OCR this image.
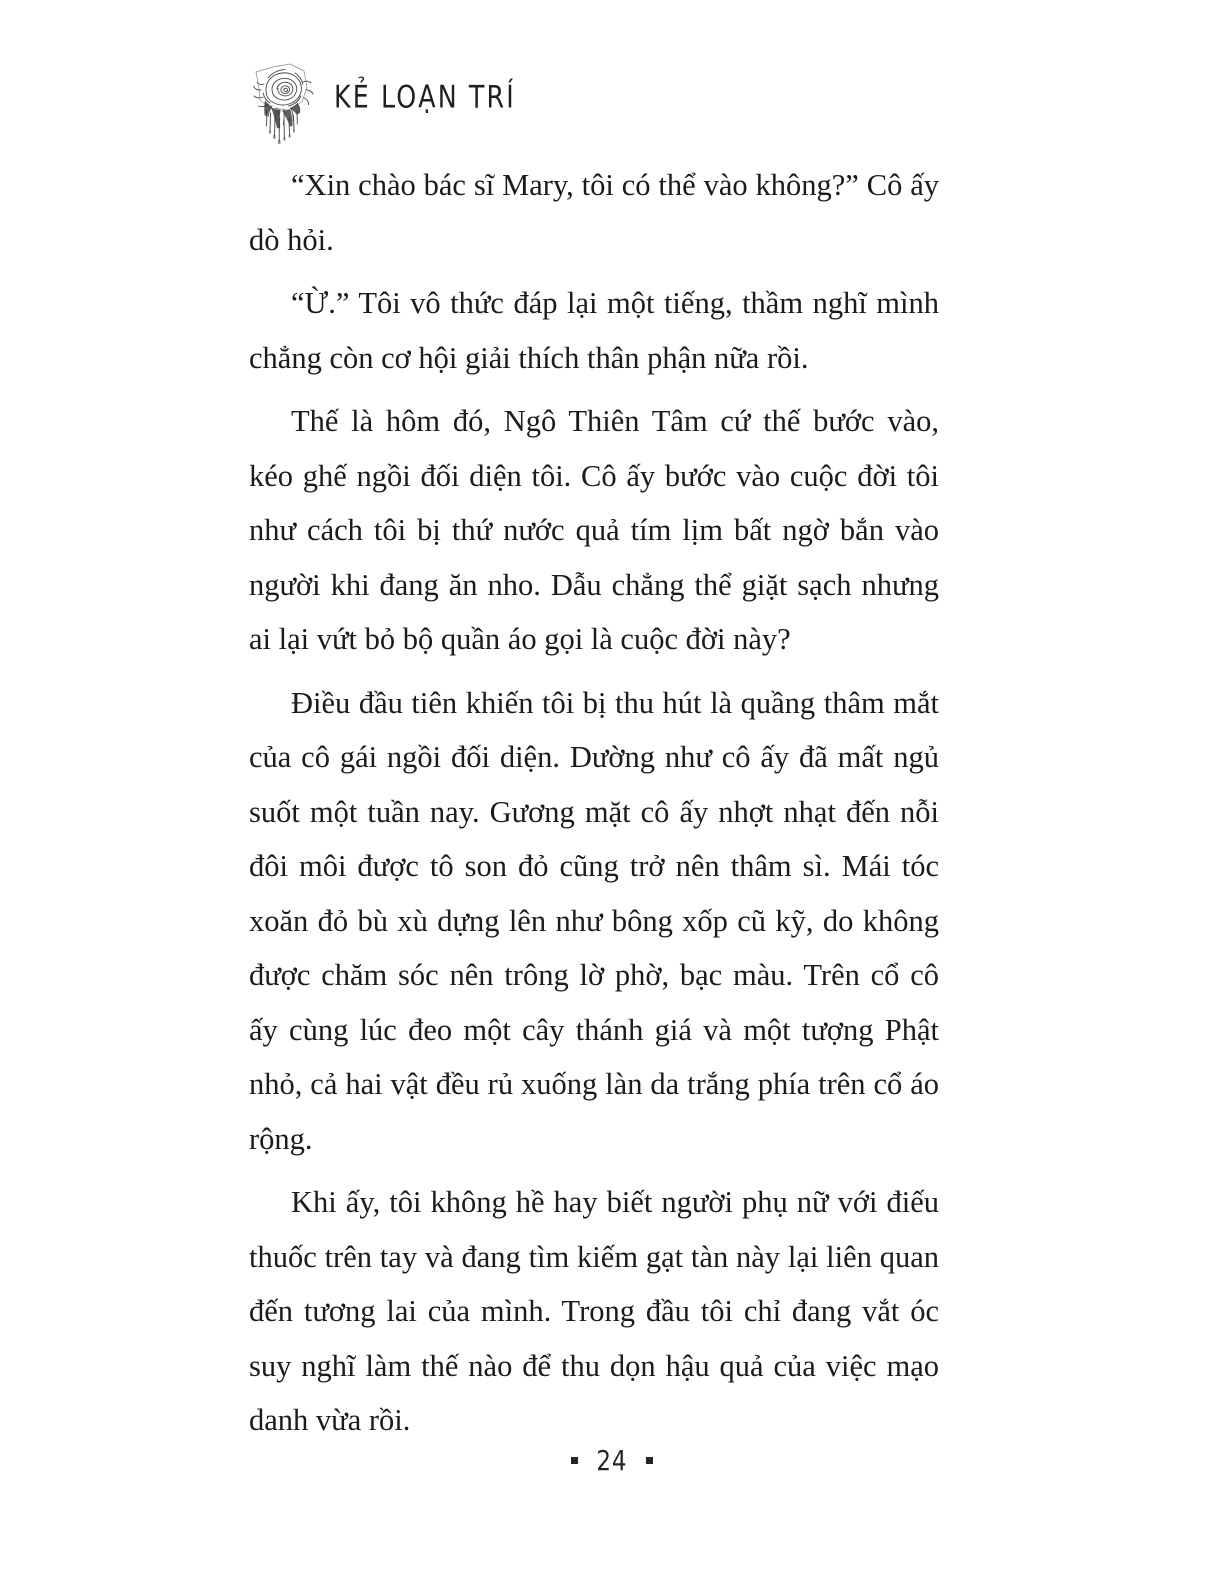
KẺ LOẠN TRÍ

“Xin chào bác sĩ Mary, tôi có thể vào không?” Cô ấy dò hỏi.

“Ừ.” Tôi vô thức đáp lại một tiếng, thầm nghĩ mình chẳng còn cơ hội giải thích thân phận nữa rồi.

Thế là hôm đó, Ngô Thiên Tâm cứ thế bước vào, kéo ghế ngồi đối diện tôi. Cô ấy bước vào cuộc đời tôi như cách tôi bị thứ nước quả tím lịm bất ngờ bắn vào người khi đang ăn nho. Dẫu chẳng thể giặt sạch nhưng ai lại vứt bỏ bộ quần áo gọi là cuộc đời này?

Điều đầu tiên khiến tôi bị thu hút là quầng thâm mắt của cô gái ngồi đối diện. Dường như cô ấy đã mất ngủ suốt một tuần nay. Gương mặt cô ấy nhợt nhạt đến nỗi đôi môi được tô son đỏ cũng trở nên thâm sì. Mái tóc xoăn đỏ bù xù dựng lên như bông xốp cũ kỹ, do không được chăm sóc nên trông lờ phờ, bạc màu. Trên cổ cô ấy cùng lúc đeo một cây thánh giá và một tượng Phật nhỏ, cả hai vật đều rủ xuống làn da trắng phía trên cổ áo rộng.

Khi ấy, tôi không hề hay biết người phụ nữ với điếu thuốc trên tay và đang tìm kiếm gạt tàn này lại liên quan đến tương lai của mình. Trong đầu tôi chỉ đang vắt óc suy nghĩ làm thế nào để thu dọn hậu quả của việc mạo danh vừa rồi.

24
